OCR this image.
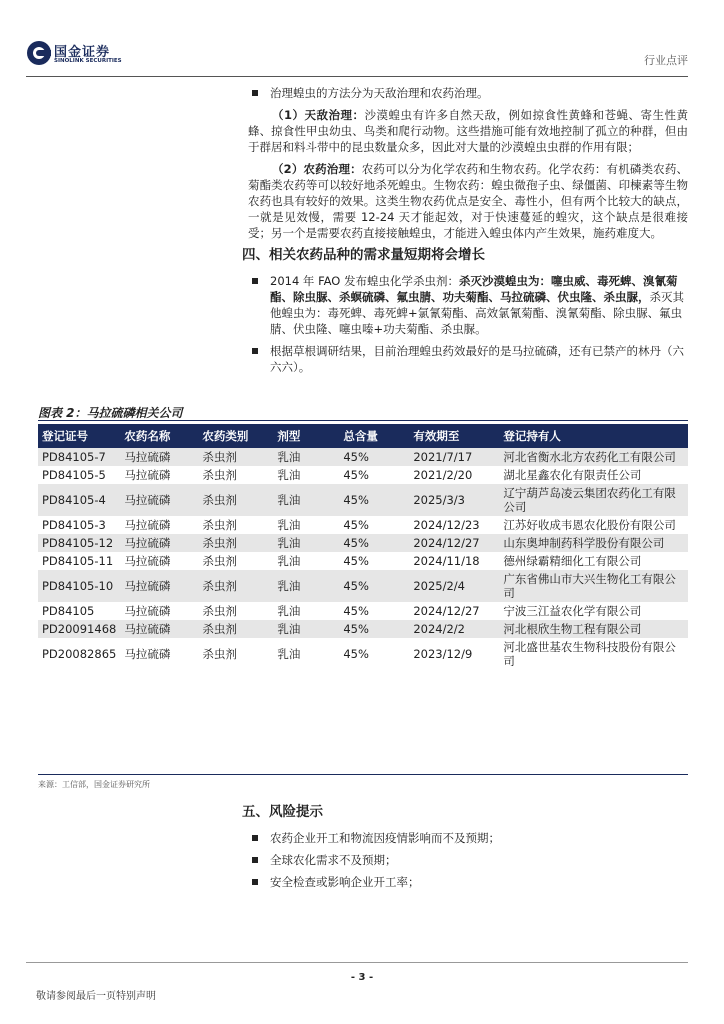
国金证券
SINOLINK SECURITIES	行业点评
治理蝗虫的方法分为天敌治理和农药治理。
（1）天敌治理：沙漠蝗虫有许多自然天敌，例如掠食性黄蜂和苍蝇、寄生性黄蜂、掠食性甲虫幼虫、鸟类和爬行动物。这些措施可能有效地控制了孤立的种群，但由于群居和料斗带中的昆虫数量众多，因此对大量的沙漠蝗虫虫群的作用有限；
（2）农药治理：农药可以分为化学农药和生物农药。化学农药：有机磷类农药、菊酯类农药等可以较好地杀死蝗虫。生物农药：蝗虫微孢子虫、绿僵菌、印楝素等生物农药也具有较好的效果。这类生物农药优点是安全、毒性小，但有两个比较大的缺点，一就是见效慢，需要 12-24 天才能起效，对于快速蔓延的蝗灾，这个缺点是很难接受；另一个是需要农药直接接触蝗虫，才能进入蝗虫体内产生效果，施药难度大。
四、相关农药品种的需求量短期将会增长
2014 年 FAO 发布蝗虫化学杀虫剂：杀灭沙漠蝗虫为：噻虫威、毒死蜱、溴氰菊酯、除虫脲、杀螟硫磷、氟虫腈、功夫菊酯、马拉硫磷、伏虫隆、杀虫脲，杀灭其他蝗虫为：毒死蜱、毒死蜱+氯氰菊酯、高效氯氰菊酯、溴氰菊酯、除虫脲、氟虫腈、伏虫隆、噻虫嗪+功夫菊酯、杀虫脲。
根据草根调研结果，目前治理蝗虫药效最好的是马拉硫磷，还有已禁产的林丹（六六六）。
图表 2：马拉硫磷相关公司
登记证号	农药名称	农药类别	剂型	总含量	有效期至	登记持有人
PD84105-7	马拉硫磷	杀虫剂	乳油	45%	2021/7/17	河北省衡水北方农药化工有限公司
PD84105-5	马拉硫磷	杀虫剂	乳油	45%	2021/2/20	湖北星鑫农化有限责任公司
PD84105-4	马拉硫磷	杀虫剂	乳油	45%	2025/3/3	辽宁葫芦岛凌云集团农药化工有限公司
PD84105-3	马拉硫磷	杀虫剂	乳油	45%	2024/12/23	江苏好收成韦恩农化股份有限公司
PD84105-12	马拉硫磷	杀虫剂	乳油	45%	2024/12/27	山东奥坤制药科学股份有限公司
PD84105-11	马拉硫磷	杀虫剂	乳油	45%	2024/11/18	德州绿霸精细化工有限公司
PD84105-10	马拉硫磷	杀虫剂	乳油	45%	2025/2/4	广东省佛山市大兴生物化工有限公司
PD84105	马拉硫磷	杀虫剂	乳油	45%	2024/12/27	宁波三江益农化学有限公司
PD20091468	马拉硫磷	杀虫剂	乳油	45%	2024/2/2	河北根欣生物工程有限公司
PD20082865	马拉硫磷	杀虫剂	乳油	45%	2023/12/9	河北盛世基农生物科技股份有限公司
来源：工信部，国金证券研究所
五、风险提示
农药企业开工和物流因疫情影响而不及预期；
全球农化需求不及预期；
安全检查或影响企业开工率；
- 3 -
敬请参阅最后一页特别声明
